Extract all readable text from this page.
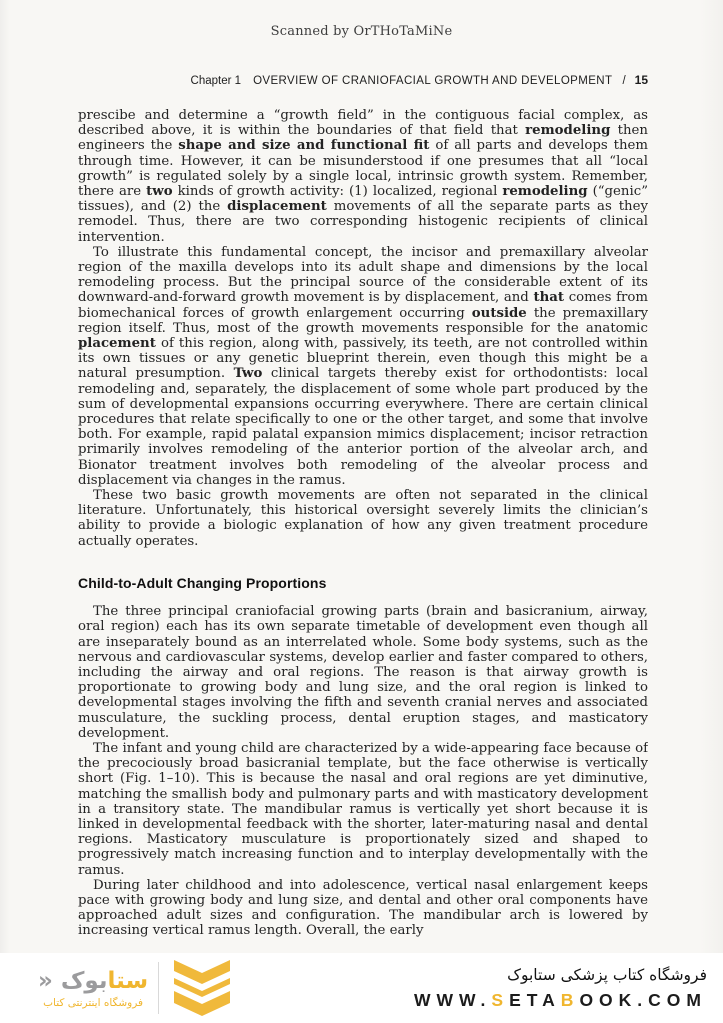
Scanned by OrTHoTaMiNe
Chapter 1 OVERVIEW OF CRANIOFACIAL GROWTH AND DEVELOPMENT / 15

prescibe and determine a “growth field” in the contiguous facial complex, as described above, it is within the boundaries of that field that remodeling then engineers the shape and size and functional fit of all parts and develops them through time. However, it can be misunderstood if one presumes that all “local growth” is regulated solely by a single local, intrinsic growth system. Remember, there are two kinds of growth activity: (1) localized, regional remodeling (“genic” tissues), and (2) the displacement movements of all the separate parts as they remodel. Thus, there are two corresponding histogenic recipients of clinical intervention.

To illustrate this fundamental concept, the incisor and premaxillary alveolar region of the maxilla develops into its adult shape and dimensions by the local remodeling process. But the principal source of the considerable extent of its downward-and-forward growth movement is by displacement, and that comes from biomechanical forces of growth enlargement occurring outside the premaxillary region itself. Thus, most of the growth movements responsible for the anatomic placement of this region, along with, passively, its teeth, are not controlled within its own tissues or any genetic blueprint therein, even though this might be a natural presumption. Two clinical targets thereby exist for orthodontists: local remodeling and, separately, the displacement of some whole part produced by the sum of developmental expansions occurring everywhere. There are certain clinical procedures that relate specifically to one or the other target, and some that involve both. For example, rapid palatal expansion mimics displacement; incisor retraction primarily involves remodeling of the anterior portion of the alveolar arch, and Bionator treatment involves both remodeling of the alveolar process and displacement via changes in the ramus.

These two basic growth movements are often not separated in the clinical literature. Unfortunately, this historical oversight severely limits the clinician’s ability to provide a biologic explanation of how any given treatment procedure actually operates.

Child-to-Adult Changing Proportions

The three principal craniofacial growing parts (brain and basicranium, airway, oral region) each has its own separate timetable of development even though all are inseparately bound as an interrelated whole. Some body systems, such as the nervous and cardiovascular systems, develop earlier and faster compared to others, including the airway and oral regions. The reason is that airway growth is proportionate to growing body and lung size, and the oral region is linked to developmental stages involving the fifth and seventh cranial nerves and associated musculature, the suckling process, dental eruption stages, and masticatory development.

The infant and young child are characterized by a wide-appearing face because of the precociously broad basicranial template, but the face otherwise is vertically short (Fig. 1–10). This is because the nasal and oral regions are yet diminutive, matching the smallish body and pulmonary parts and with masticatory development in a transitory state. The mandibular ramus is vertically yet short because it is linked in developmental feedback with the shorter, later-maturing nasal and dental regions. Masticatory musculature is proportionately sized and shaped to progressively match increasing function and to interplay developmentally with the ramus.

During later childhood and into adolescence, vertical nasal enlargement keeps pace with growing body and lung size, and dental and other oral components have approached adult sizes and configuration. The mandibular arch is lowered by increasing vertical ramus length. Overall, the early

ستابوک «
فروشگاه اینترنتی کتاب
فروشگاه کتاب پزشکی ستابوک
WWW.SETABOOK.COM
